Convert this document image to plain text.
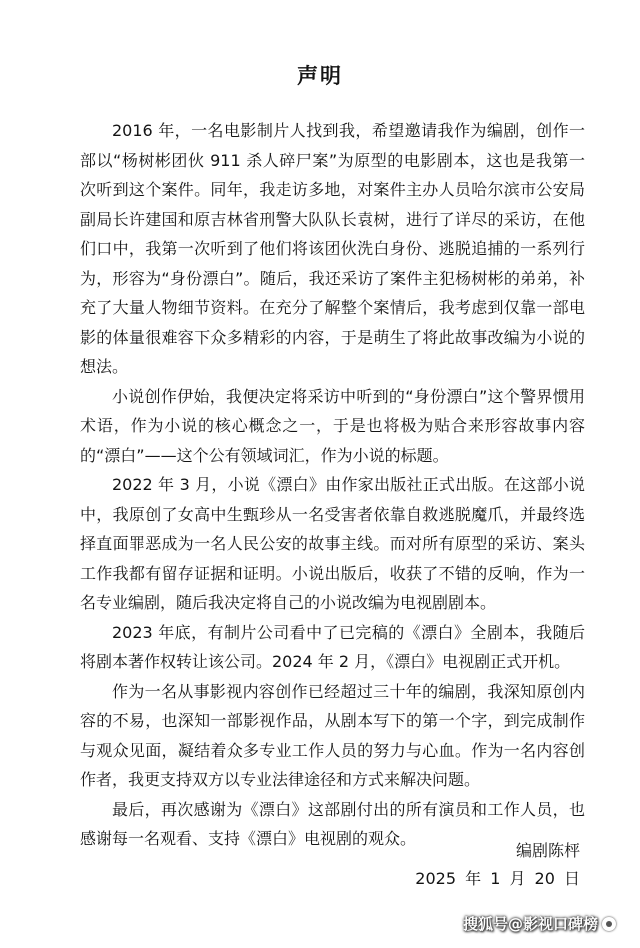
声明

2016 年，一名电影制片人找到我，希望邀请我作为编剧，创作一部以“杨树彬团伙 911 杀人碎尸案”为原型的电影剧本，这也是我第一次听到这个案件。同年，我走访多地，对案件主办人员哈尔滨市公安局副局长许建国和原吉林省刑警大队队长袁树，进行了详尽的采访，在他们口中，我第一次听到了他们将该团伙洗白身份、逃脱追捕的一系列行为，形容为“身份漂白”。随后，我还采访了案件主犯杨树彬的弟弟，补充了大量人物细节资料。在充分了解整个案情后，我考虑到仅靠一部电影的体量很难容下众多精彩的内容，于是萌生了将此故事改编为小说的想法。

小说创作伊始，我便决定将采访中听到的“身份漂白”这个警界惯用术语，作为小说的核心概念之一，于是也将极为贴合来形容故事内容的“漂白”——这个公有领域词汇，作为小说的标题。

2022 年 3 月，小说《漂白》由作家出版社正式出版。在这部小说中，我原创了女高中生甄珍从一名受害者依靠自救逃脱魔爪，并最终选择直面罪恶成为一名人民公安的故事主线。而对所有原型的采访、案头工作我都有留存证据和证明。小说出版后，收获了不错的反响，作为一名专业编剧，随后我决定将自己的小说改编为电视剧剧本。

2023 年底，有制片公司看中了已完稿的《漂白》全剧本，我随后将剧本著作权转让该公司。2024 年 2 月，《漂白》电视剧正式开机。

作为一名从事影视内容创作已经超过三十年的编剧，我深知原创内容的不易，也深知一部影视作品，从剧本写下的第一个字，到完成制作与观众见面，凝结着众多专业工作人员的努力与心血。作为一名内容创作者，我更支持双方以专业法律途径和方式来解决问题。

最后，再次感谢为《漂白》这部剧付出的所有演员和工作人员，也感谢每一名观看、支持《漂白》电视剧的观众。

编剧陈枰
2025 年 1 月 20 日
搜狐号@影视口碑榜
